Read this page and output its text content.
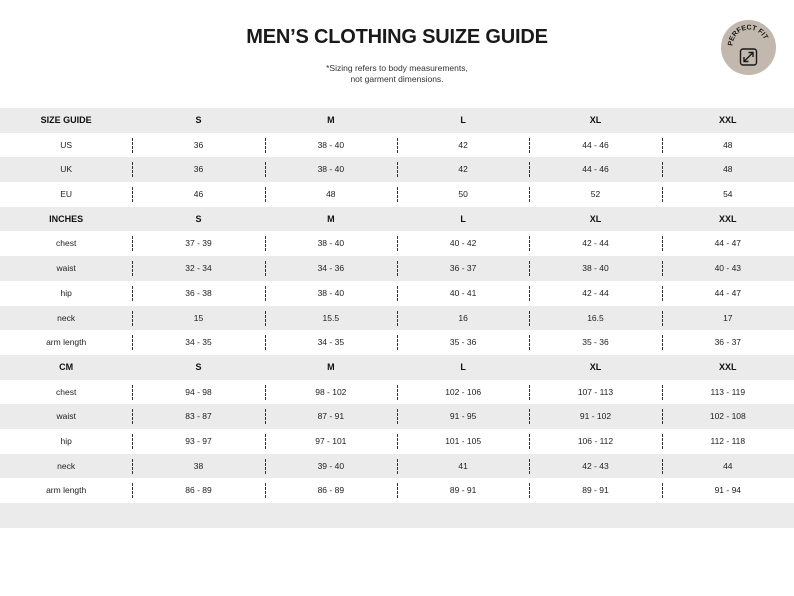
MEN’S CLOTHING SUIZE GUIDE
*Sizing refers to body measurements,
not garment dimensions.
PERFECT FIT
SIZE GUIDE	S	M	L	XL	XXL
US	36	38 - 40	42	44 - 46	48
UK	36	38 - 40	42	44 - 46	48
EU	46	48	50	52	54
INCHES	S	M	L	XL	XXL
chest	37 - 39	38 - 40	40 - 42	42 - 44	44 - 47
waist	32 - 34	34 - 36	36 - 37	38 - 40	40 - 43
hip	36 - 38	38 - 40	40 - 41	42 - 44	44 - 47
neck	15	15.5	16	16.5	17
arm length	34 - 35	34 - 35	35 - 36	35 - 36	36 - 37
CM	S	M	L	XL	XXL
chest	94 - 98	98 - 102	102 - 106	107 - 113	113 - 119
waist	83 - 87	87 - 91	91 - 95	91 - 102	102 - 108
hip	93 - 97	97 - 101	101 - 105	106 - 112	112 - 118
neck	38	39 - 40	41	42 - 43	44
arm length	86 - 89	86 - 89	89 - 91	89 - 91	91 - 94
